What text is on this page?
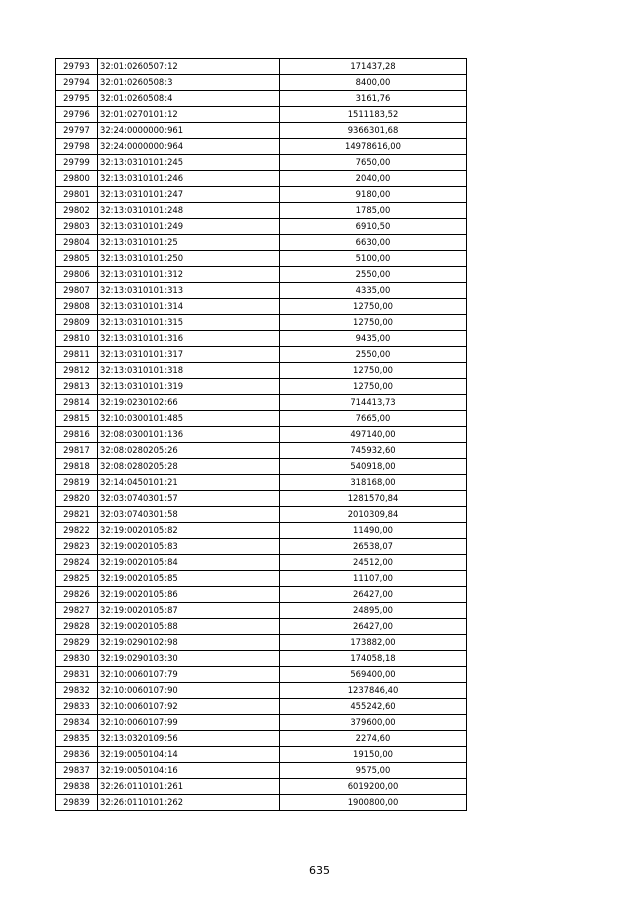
29793	32:01:0260507:12	171437,28
29794	32:01:0260508:3	8400,00
29795	32:01:0260508:4	3161,76
29796	32:01:0270101:12	1511183,52
29797	32:24:0000000:961	9366301,68
29798	32:24:0000000:964	14978616,00
29799	32:13:0310101:245	7650,00
29800	32:13:0310101:246	2040,00
29801	32:13:0310101:247	9180,00
29802	32:13:0310101:248	1785,00
29803	32:13:0310101:249	6910,50
29804	32:13:0310101:25	6630,00
29805	32:13:0310101:250	5100,00
29806	32:13:0310101:312	2550,00
29807	32:13:0310101:313	4335,00
29808	32:13:0310101:314	12750,00
29809	32:13:0310101:315	12750,00
29810	32:13:0310101:316	9435,00
29811	32:13:0310101:317	2550,00
29812	32:13:0310101:318	12750,00
29813	32:13:0310101:319	12750,00
29814	32:19:0230102:66	714413,73
29815	32:10:0300101:485	7665,00
29816	32:08:0300101:136	497140,00
29817	32:08:0280205:26	745932,60
29818	32:08:0280205:28	540918,00
29819	32:14:0450101:21	318168,00
29820	32:03:0740301:57	1281570,84
29821	32:03:0740301:58	2010309,84
29822	32:19:0020105:82	11490,00
29823	32:19:0020105:83	26538,07
29824	32:19:0020105:84	24512,00
29825	32:19:0020105:85	11107,00
29826	32:19:0020105:86	26427,00
29827	32:19:0020105:87	24895,00
29828	32:19:0020105:88	26427,00
29829	32:19:0290102:98	173882,00
29830	32:19:0290103:30	174058,18
29831	32:10:0060107:79	569400,00
29832	32:10:0060107:90	1237846,40
29833	32:10:0060107:92	455242,60
29834	32:10:0060107:99	379600,00
29835	32:13:0320109:56	2274,60
29836	32:19:0050104:14	19150,00
29837	32:19:0050104:16	9575,00
29838	32:26:0110101:261	6019200,00
29839	32:26:0110101:262	1900800,00
635
